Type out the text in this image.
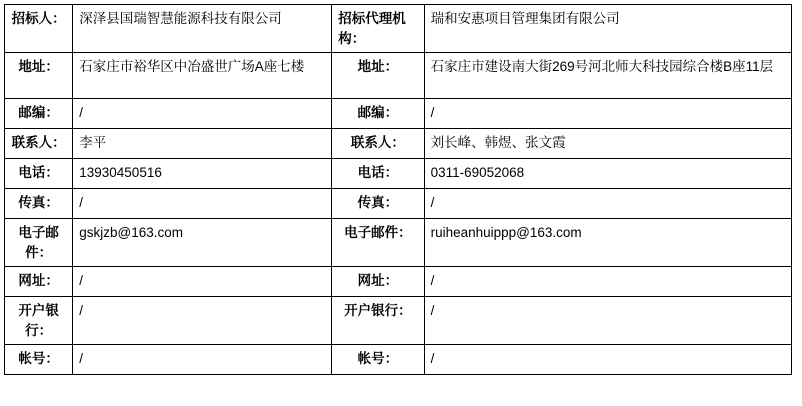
招标人：	深泽县国瑞智慧能源科技有限公司	招标代理机构：	瑞和安惠项目管理集团有限公司
地址：	石家庄市裕华区中冶盛世广场A座七楼	地址：	石家庄市建设南大街269号河北师大科技园综合楼B座11层
邮编：	/	邮编：	/
联系人：	李平	联系人：	刘长峰、韩煜、张文霞
电话：	13930450516	电话：	0311-69052068
传真：	/	传真：	/
电子邮件：	gskjzb@163.com	电子邮件：	ruiheanhuippp@163.com
网址：	/	网址：	/
开户银行：	/	开户银行：	/
帐号：	/	帐号：	/
